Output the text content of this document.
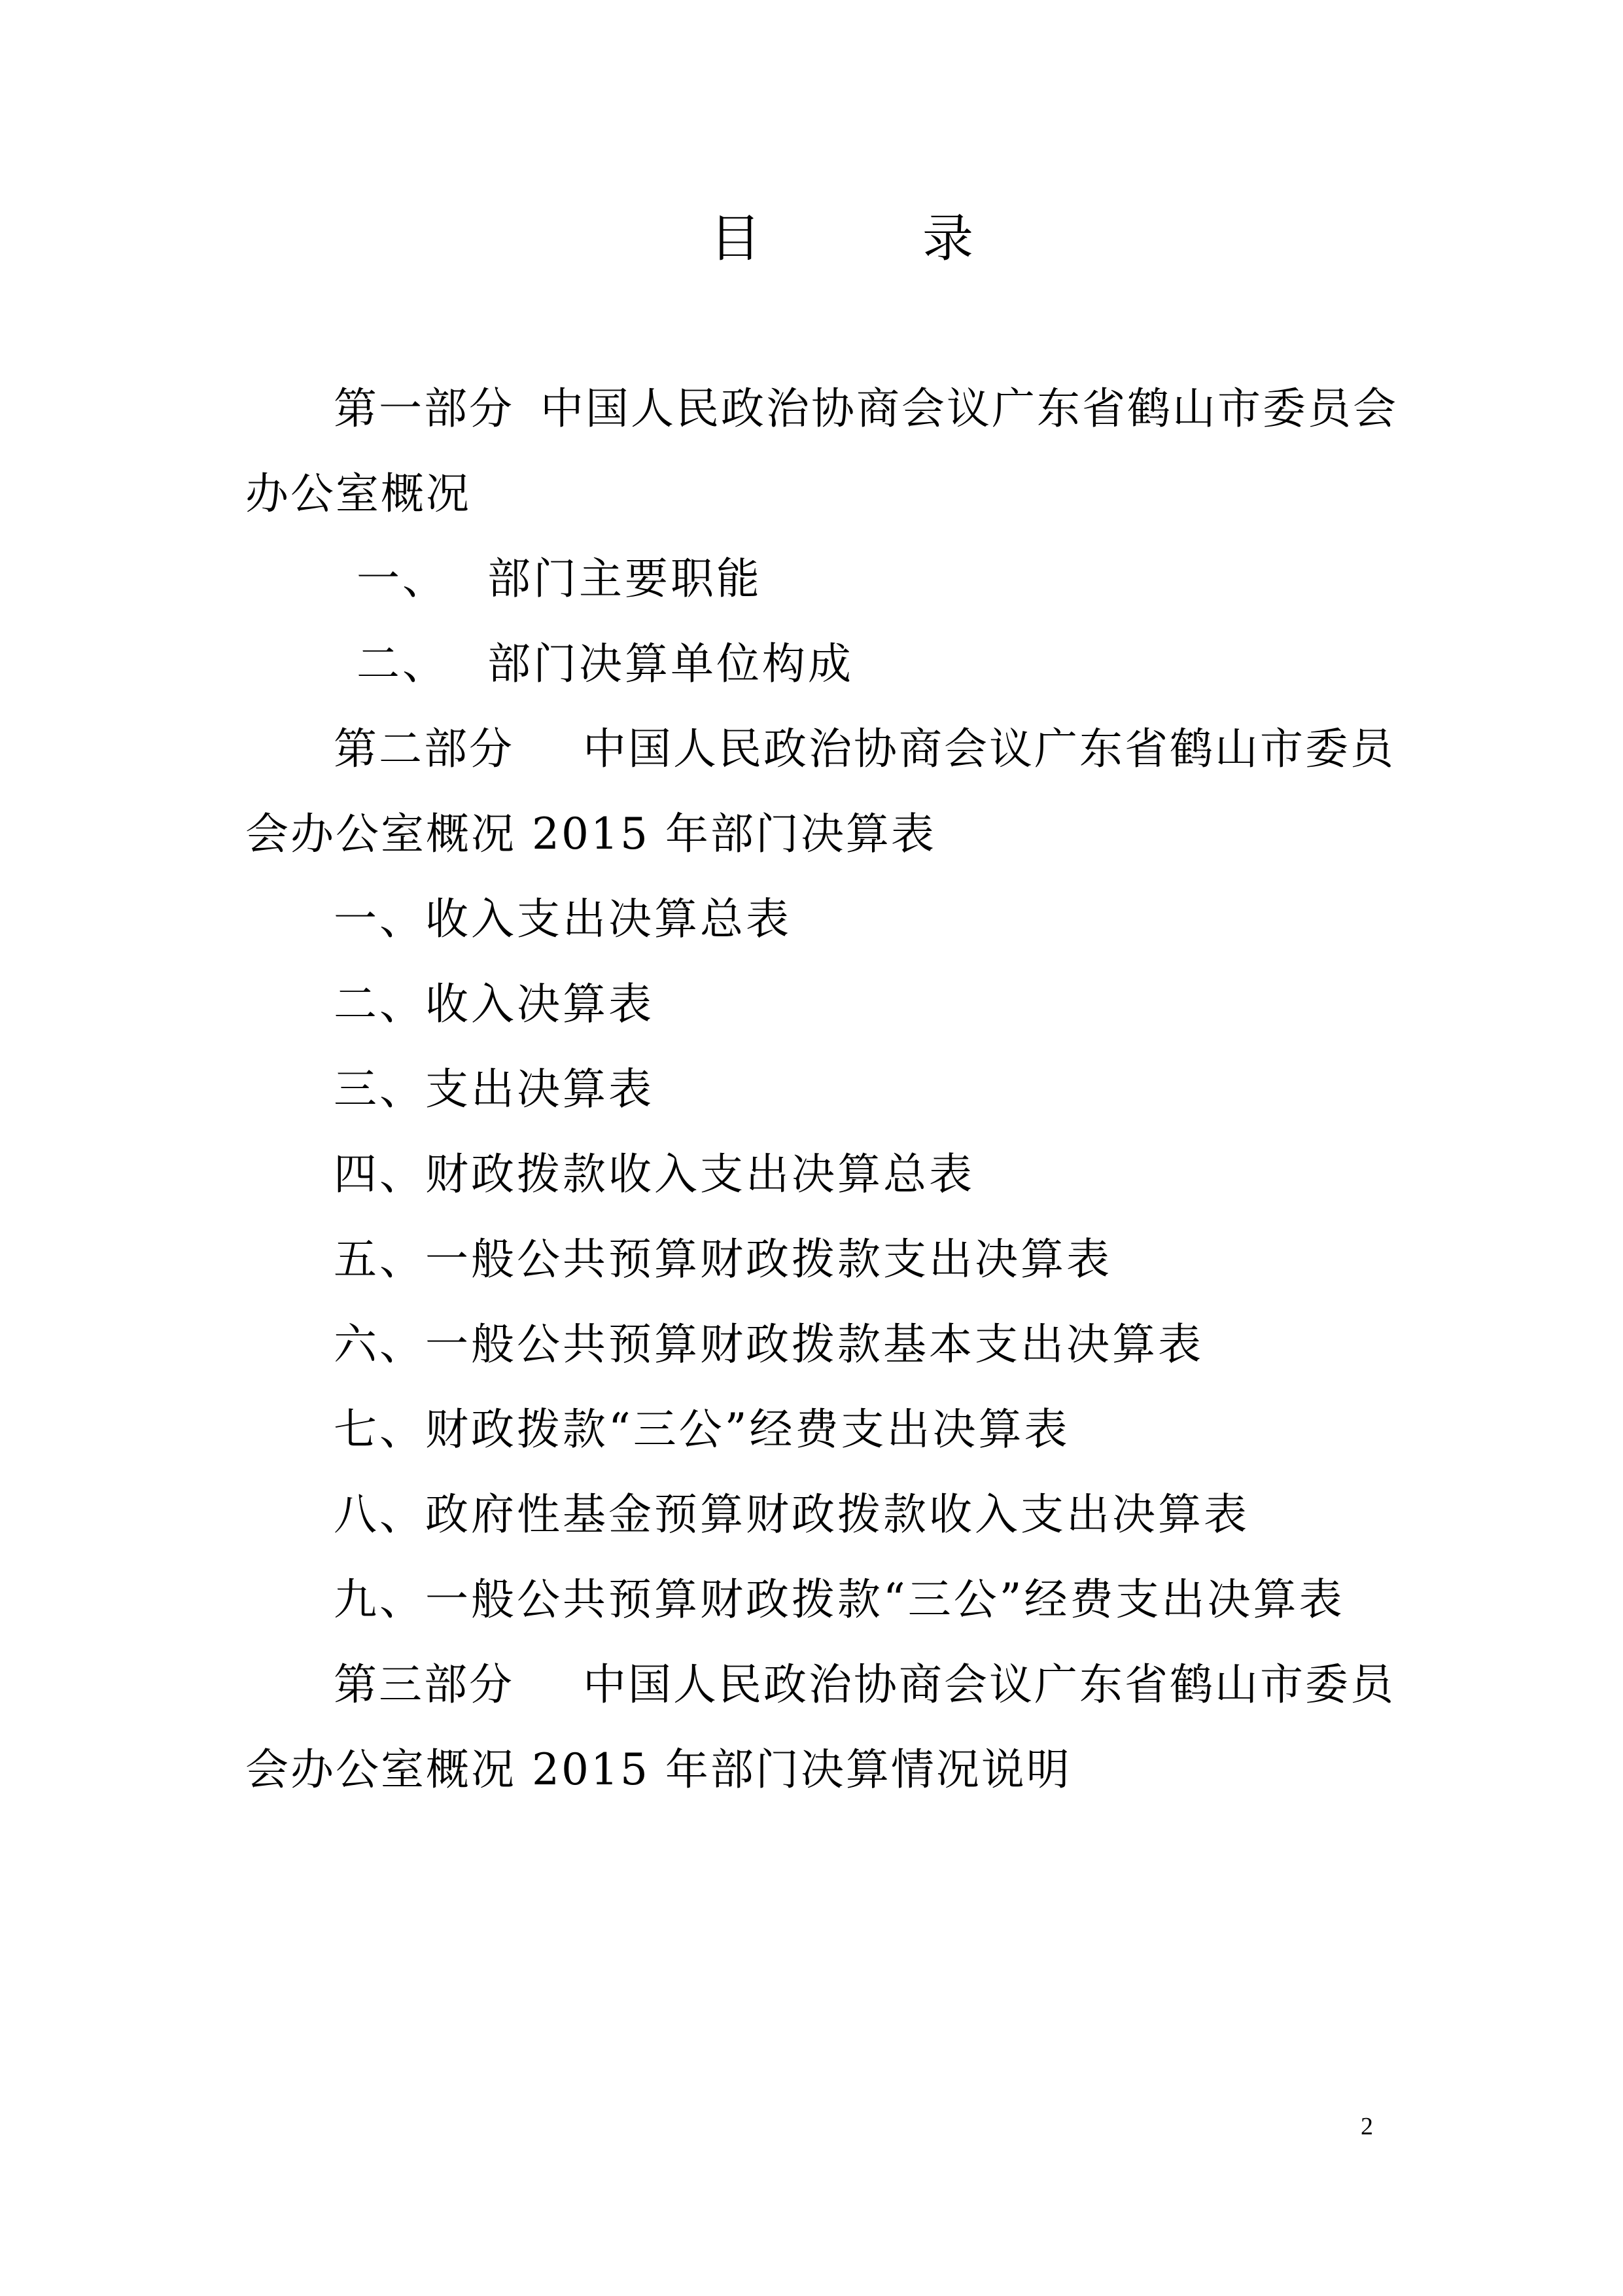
目	录
第一部分 中国人民政治协商会议广东省鹤山市委员会
办公室概况
一、 部门主要职能
二、 部门决算单位构成
第二部分 中国人民政治协商会议广东省鹤山市委员
会办公室概况 2015 年部门决算表
一、收入支出决算总表
二、收入决算表
三、支出决算表
四、财政拨款收入支出决算总表
五、一般公共预算财政拨款支出决算表
六、一般公共预算财政拨款基本支出决算表
七、财政拨款“三公”经费支出决算表
八、政府性基金预算财政拨款收入支出决算表
九、一般公共预算财政拨款“三公”经费支出决算表
第三部分 中国人民政治协商会议广东省鹤山市委员
会办公室概况 2015 年部门决算情况说明
2
